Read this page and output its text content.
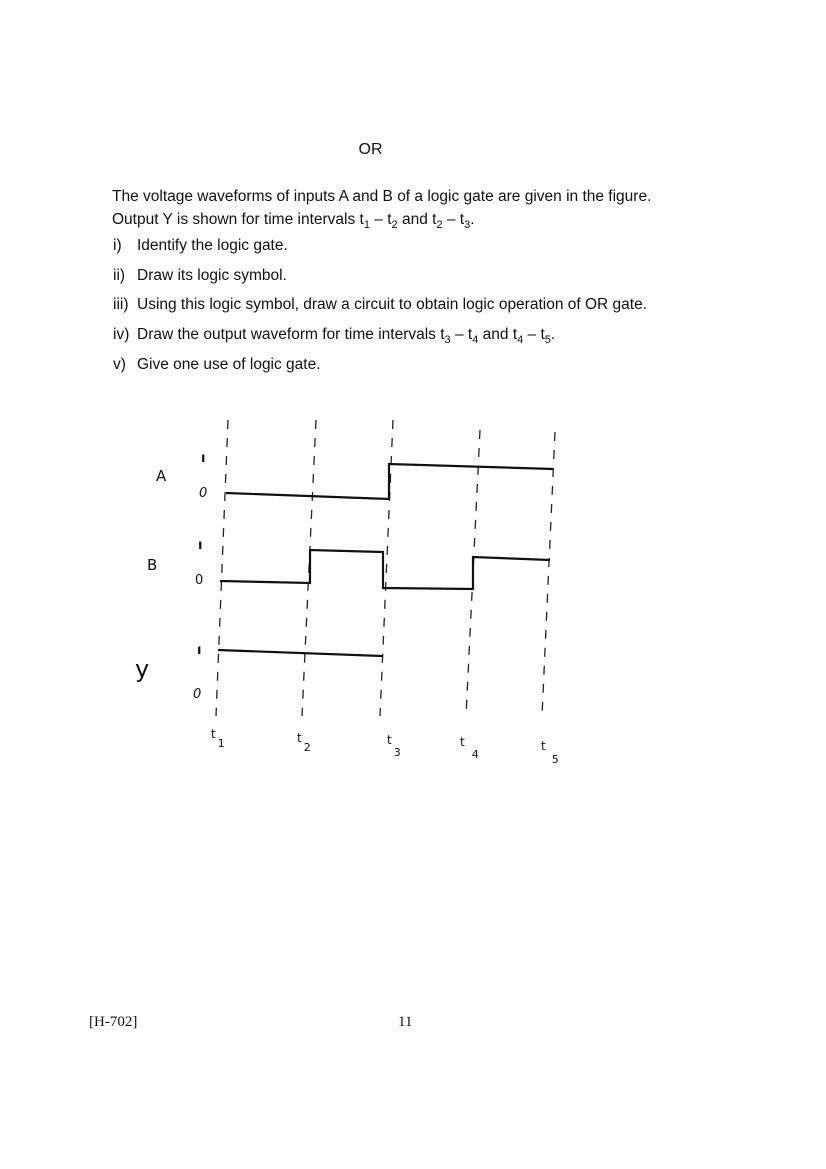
OR
The voltage waveforms of inputs A and B of a logic gate are given in the figure.
Output Y is shown for time intervals $t_1 - t_2$ and $t_2 - t_3$.
i) Identify the logic gate.
ii) Draw its logic symbol.
iii) Using this logic symbol, draw a circuit to obtain logic operation of OR gate.
iv) Draw the output waveform for time intervals $t_3 - t_4$ and $t_4 - t_5$.
v) Give one use of logic gate.
A
B
y
ı
0
ı
0
ı
0
t1	t2
t3
t4
t5
[H-702]	11
